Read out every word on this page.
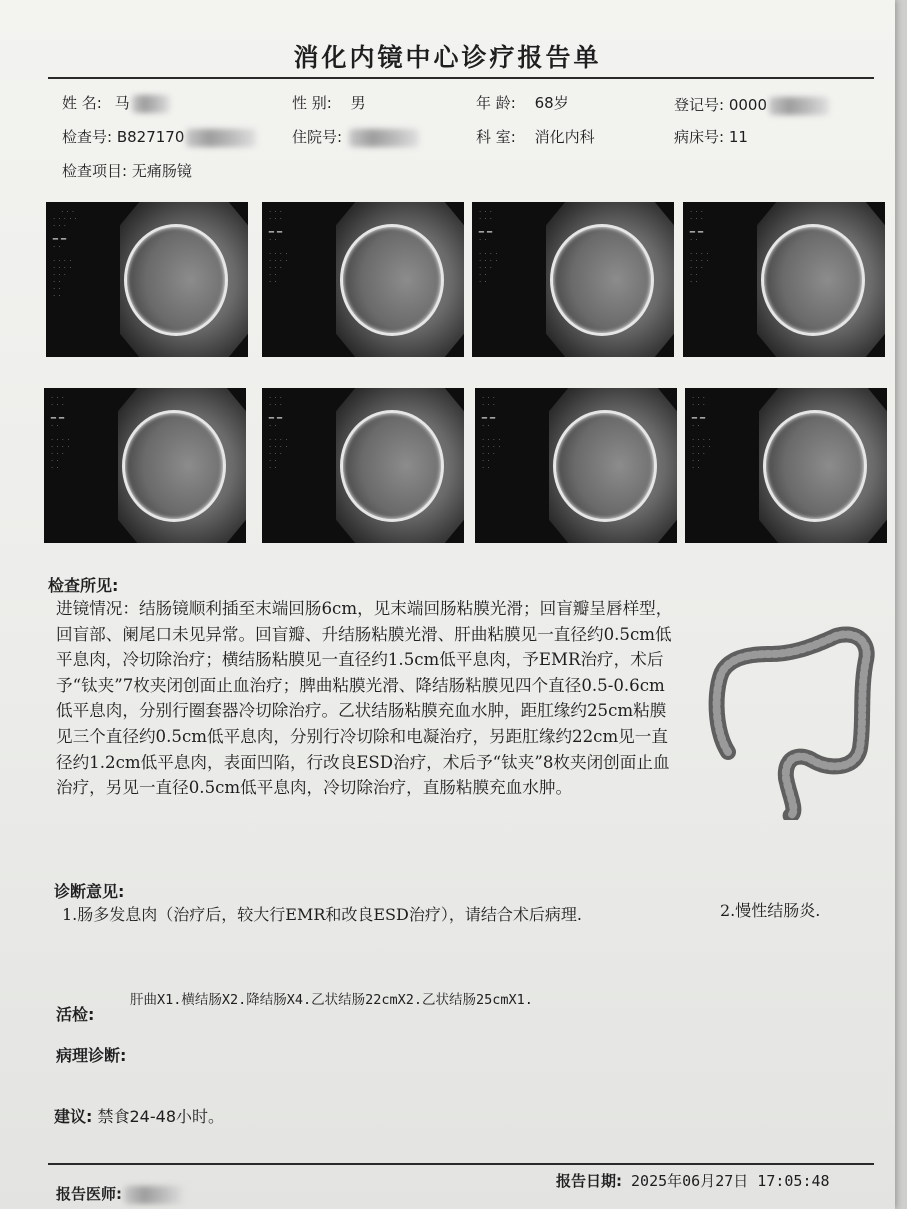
消化内镜中心诊疗报告单
姓 名: 马	性 别: 男	年 龄: 68岁	登记号: 0000
检查号: B827170	住院号:	科 室: 消化内科	病床号: 11
检查项目: 无痛肠镜
. . .
. . . . .
. . .

▬▬ ▬▬
. .

. . . .
. . . .
. . .
. .
. .
. .
. . .
. . .

▬▬ ▬▬
. .

. . . .
. . . .
. . .
. .
. .
. . .
. . .

▬▬ ▬▬
. .

. . . .
. . . .
. . .
. .
. .
. . .
. . .

▬▬ ▬▬
. .

. . . .
. . . .
. . .
. .
. .
. . .
. . .

▬▬ ▬▬
. .

. . . .
. . . .
. . .
. .
. .
. . .
. . .

▬▬ ▬▬
. .

. . . .
. . . .
. . .
. .
. .
. . .
. . .

▬▬ ▬▬
. .

. . . .
. . . .
. . .
. .
. .
. . .
. . .

▬▬ ▬▬
. .

. . . .
. . . .
. . .
. .
. .
检查所见:
进镜情况：结肠镜顺利插至末端回肠6cm，见末端回肠粘膜光滑；回盲瓣呈唇样型，回盲部、阑尾口未见异常。回盲瓣、升结肠粘膜光滑、肝曲粘膜见一直径约0.5cm低平息肉，冷切除治疗；横结肠粘膜见一直径约1.5cm低平息肉，予EMR治疗，术后予“钛夹”7枚夹闭创面止血治疗；脾曲粘膜光滑、降结肠粘膜见四个直径0.5-0.6cm低平息肉，分别行圈套器冷切除治疗。乙状结肠粘膜充血水肿，距肛缘约25cm粘膜见三个直径约0.5cm低平息肉，分别行冷切除和电凝治疗，另距肛缘约22cm见一直径约1.2cm低平息肉，表面凹陷，行改良ESD治疗，术后予“钛夹”8枚夹闭创面止血治疗，另见一直径0.5cm低平息肉，冷切除治疗，直肠粘膜充血水肿。
诊断意见:
1.肠多发息肉（治疗后，较大行EMR和改良ESD治疗），请结合术后病理.	2.慢性结肠炎.
活检:
肝曲X1.横结肠X2.降结肠X4.乙状结肠22cmX2.乙状结肠25cmX1.
病理诊断:
建议: 禁食24-48小时。
报告医师:
报告日期: 2025年06月27日 17:05:48
